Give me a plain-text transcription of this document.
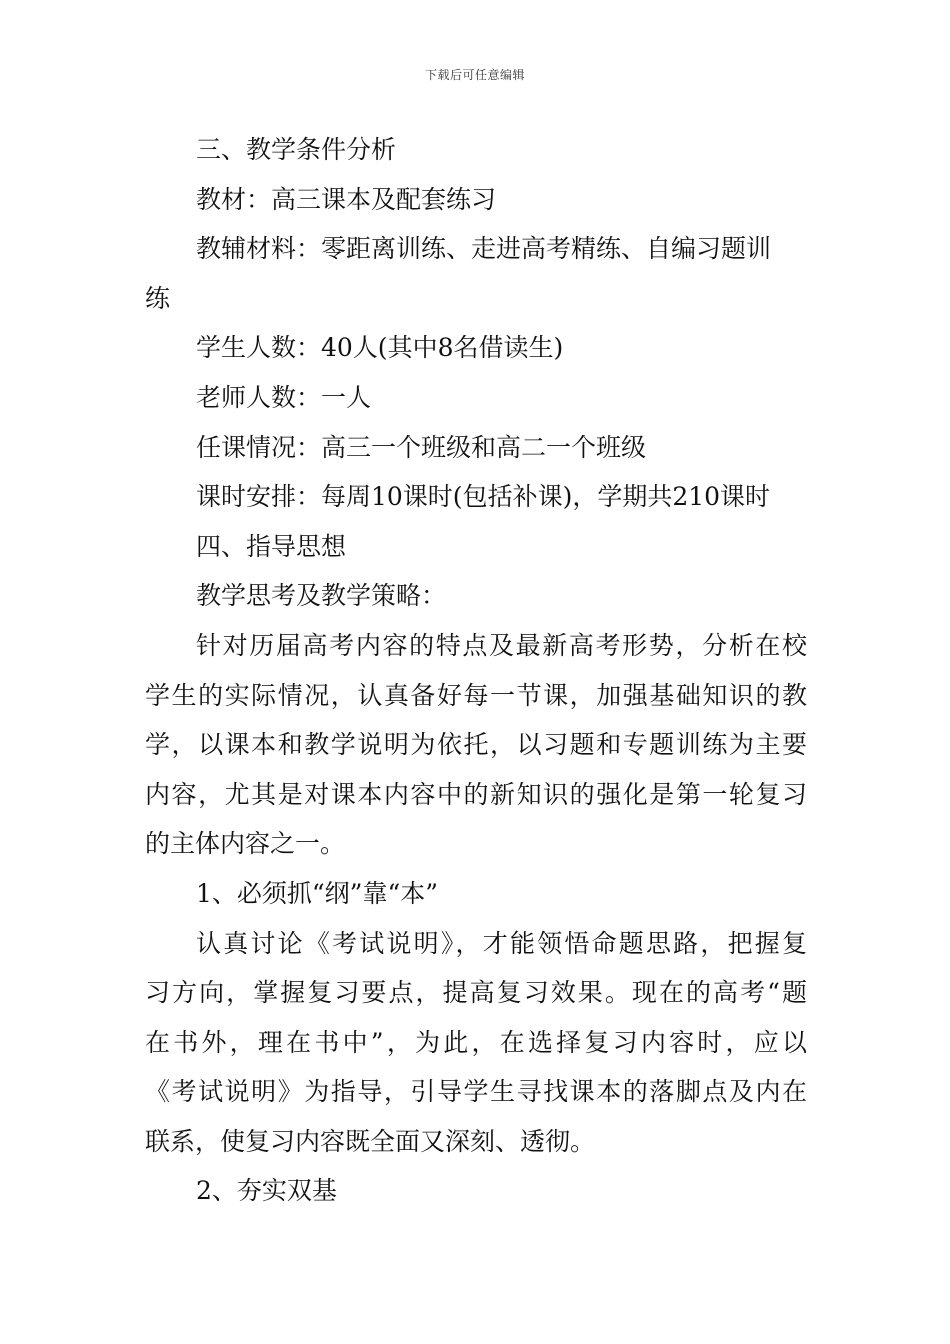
下载后可任意编辑

三、教学条件分析

教材：高三课本及配套练习

教辅材料：零距离训练、走进高考精练、自编习题训

练

学生人数：40人(其中8名借读生)

老师人数：一人

任课情况：高三一个班级和高二一个班级

课时安排：每周10课时(包括补课)，学期共210课时

四、指导思想

教学思考及教学策略：

针对历届高考内容的特点及最新高考形势，分析在校

学生的实际情况，认真备好每一节课，加强基础知识的教

学，以课本和教学说明为依托，以习题和专题训练为主要

内容，尤其是对课本内容中的新知识的强化是第一轮复习

的主体内容之一。

1、必须抓“纲”靠“本”

认真讨论《考试说明》，才能领悟命题思路，把握复

习方向，掌握复习要点，提高复习效果。现在的高考“题

在书外，理在书中”，为此，在选择复习内容时，应以

《考试说明》为指导，引导学生寻找课本的落脚点及内在

联系，使复习内容既全面又深刻、透彻。

2、夯实双基
